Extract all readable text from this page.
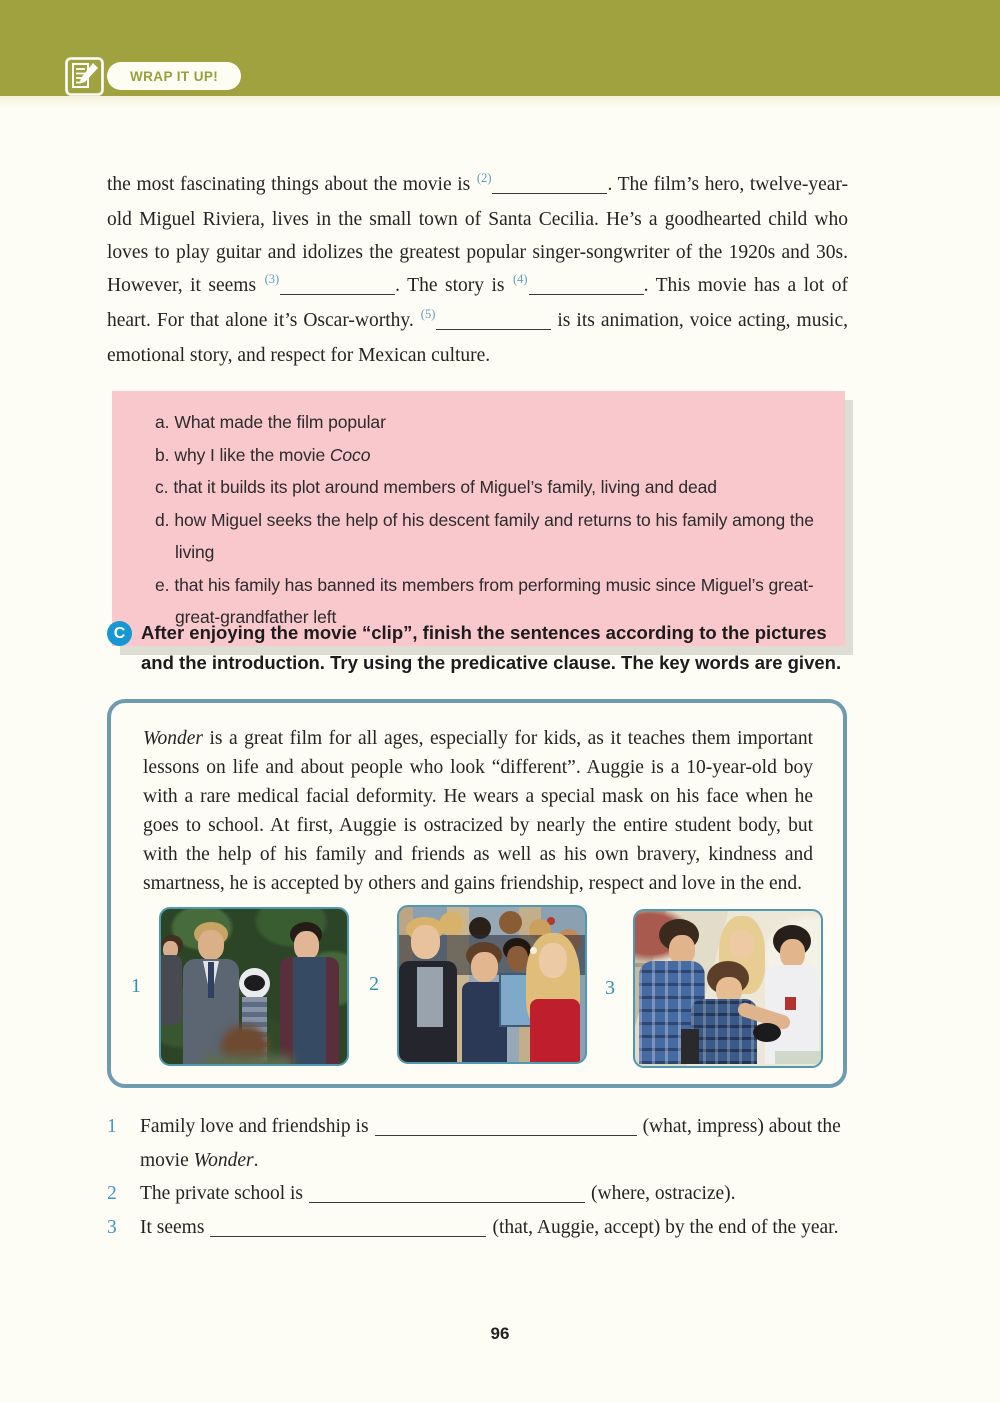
WRAP IT UP!
the most fascinating things about the movie is $^{(2)}$	. The film’s hero, twelve-year-old Miguel Riviera, lives in the small town of Santa Cecilia. He’s a goodhearted child who loves to play guitar and idolizes the greatest popular singer-songwriter of the 1920s and 30s. However, it seems $^{(3)}$	. The story is $^{(4)}$	. This movie has a lot of heart. For that alone it’s Oscar-worthy. $^{(5)}$	is its animation, voice acting, music, emotional story, and respect for Mexican culture.
a. What made the film popular
b. why I like the movie Coco
c. that it builds its plot around members of Miguel’s family, living and dead
d. how Miguel seeks the help of his descent family and returns to his family among the living
e. that his family has banned its members from performing music since Miguel’s great-great-grandfather left
C After enjoying the movie “clip”, finish the sentences according to the pictures and the introduction. Try using the predicative clause. The key words are given.
Wonder is a great film for all ages, especially for kids, as it teaches them important lessons on life and about people who look “different”. Auggie is a 10-year-old boy with a rare medical facial deformity. He wears a special mask on his face when he goes to school. At first, Auggie is ostracized by nearly the entire student body, but with the help of his family and friends as well as his own bravery, kindness and smartness, he is accepted by others and gains friendship, respect and love in the end.
1	2	3
1 Family love and friendship is	(what, impress) about the movie Wonder.
2 The private school is	(where, ostracize).
3 It seems	(that, Auggie, accept) by the end of the year.
96
